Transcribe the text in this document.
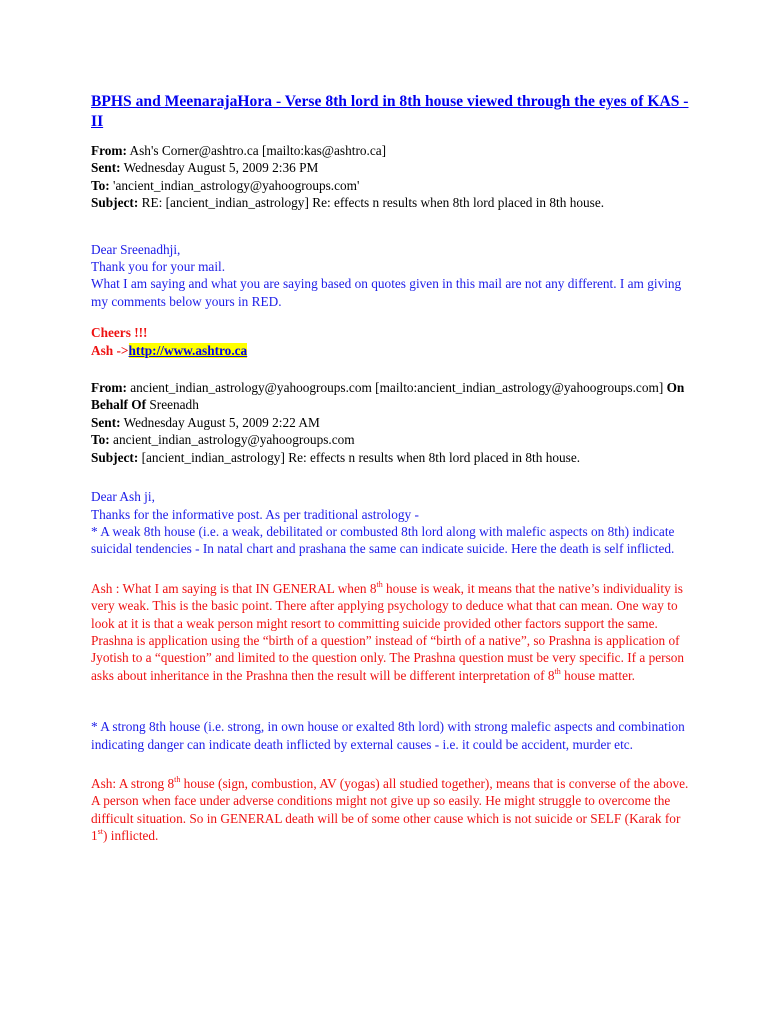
BPHS and MeenarajaHora - Verse 8th lord in 8th house viewed through the eyes of KAS - II

From: Ash's Corner@ashtro.ca [mailto:kas@ashtro.ca]

Sent: Wednesday August 5, 2009 2:36 PM

To: 'ancient_indian_astrology@yahoogroups.com'

Subject: RE: [ancient_indian_astrology] Re: effects n results when 8th lord placed in 8th house.

Dear Sreenadhji,

Thank you for your mail.

What I am saying and what you are saying based on quotes given in this mail are not any different. I am giving my comments below yours in RED.

Cheers !!!

Ash ->http://www.ashtro.ca

From: ancient_indian_astrology@yahoogroups.com [mailto:ancient_indian_astrology@yahoogroups.com] On Behalf Of Sreenadh

Sent: Wednesday August 5, 2009 2:22 AM

To: ancient_indian_astrology@yahoogroups.com

Subject: [ancient_indian_astrology] Re: effects n results when 8th lord placed in 8th house.

Dear Ash ji,

Thanks for the informative post. As per traditional astrology -

* A weak 8th house (i.e. a weak, debilitated or combusted 8th lord along with malefic aspects on 8th) indicate suicidal tendencies - In natal chart and prashana the same can indicate suicide. Here the death is self inflicted.

Ash : What I am saying is that IN GENERAL when 8th house is weak, it means that the native’s individuality is very weak. This is the basic point. There after applying psychology to deduce what that can mean. One way to look at it is that a weak person might resort to committing suicide provided other factors support the same. Prashna is application using the “birth of a question” instead of “birth of a native”, so Prashna is application of Jyotish to a “question” and limited to the question only. The Prashna question must be very specific. If a person asks about inheritance in the Prashna then the result will be different interpretation of 8th house matter.

* A strong 8th house (i.e. strong, in own house or exalted 8th lord) with strong malefic aspects and combination indicating danger can indicate death inflicted by external causes - i.e. it could be accident, murder etc.

Ash: A strong 8th house (sign, combustion, AV (yogas) all studied together), means that is converse of the above. A person when face under adverse conditions might not give up so easily. He might struggle to overcome the difficult situation. So in GENERAL death will be of some other cause which is not suicide or SELF (Karak for 1st) inflicted.
